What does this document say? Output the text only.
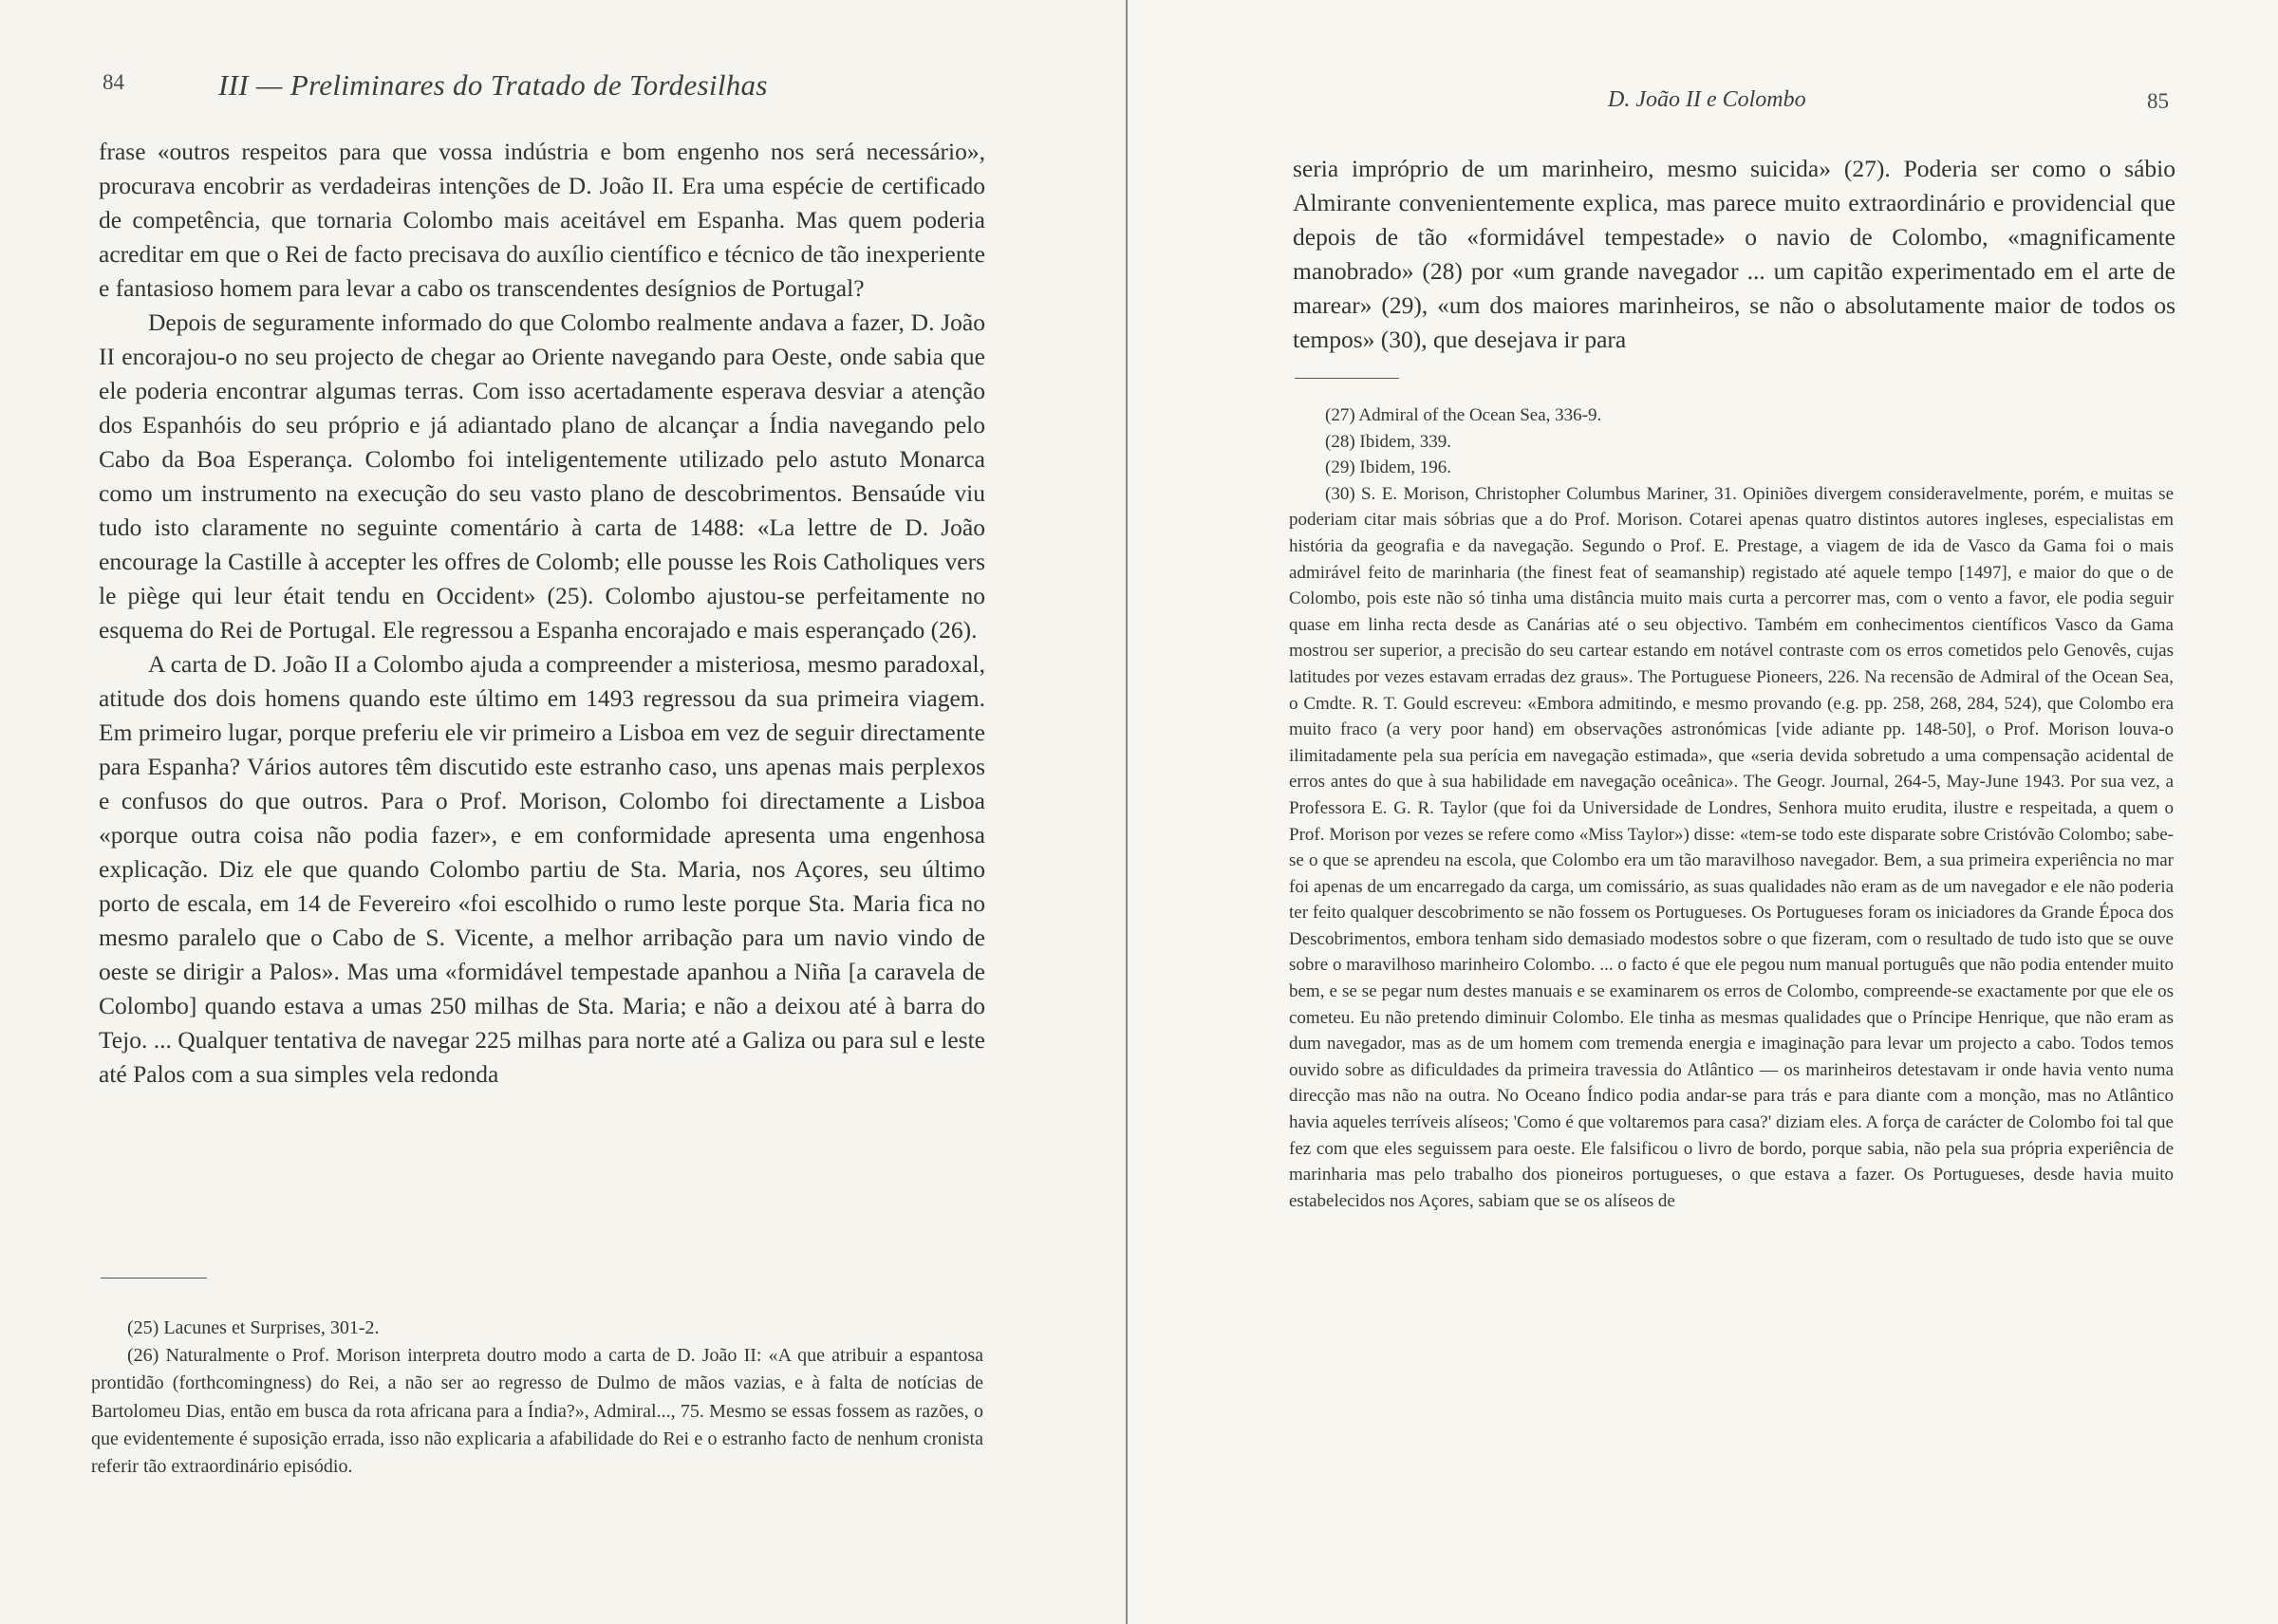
84	III — Preliminares do Tratado de Tordesilhas

frase «outros respeitos para que vossa indústria e bom engenho nos será necessário», procurava encobrir as verdadeiras intenções de D. João II. Era uma espécie de certificado de competência, que tornaria Colombo mais aceitável em Espanha. Mas quem poderia acreditar em que o Rei de facto precisava do auxílio científico e técnico de tão inexperiente e fantasioso homem para levar a cabo os transcendentes desígnios de Portugal?

Depois de seguramente informado do que Colombo realmente andava a fazer, D. João II encorajou-o no seu projecto de chegar ao Oriente navegando para Oeste, onde sabia que ele poderia encontrar algumas terras. Com isso acertadamente esperava desviar a atenção dos Espanhóis do seu próprio e já adiantado plano de alcançar a Índia navegando pelo Cabo da Boa Esperança. Colombo foi inteligentemente utilizado pelo astuto Monarca como um instrumento na execução do seu vasto plano de descobrimentos. Bensaúde viu tudo isto claramente no seguinte comentário à carta de 1488: «La lettre de D. João encourage la Castille à accepter les offres de Colomb; elle pousse les Rois Catholiques vers le piège qui leur était tendu en Occident» (25). Colombo ajustou-se perfeitamente no esquema do Rei de Portugal. Ele regressou a Espanha encorajado e mais esperançado (26).

A carta de D. João II a Colombo ajuda a compreender a misteriosa, mesmo paradoxal, atitude dos dois homens quando este último em 1493 regressou da sua primeira viagem. Em primeiro lugar, porque preferiu ele vir primeiro a Lisboa em vez de seguir directamente para Espanha? Vários autores têm discutido este estranho caso, uns apenas mais perplexos e confusos do que outros. Para o Prof. Morison, Colombo foi directamente a Lisboa «porque outra coisa não podia fazer», e em conformidade apresenta uma engenhosa explicação. Diz ele que quando Colombo partiu de Sta. Maria, nos Açores, seu último porto de escala, em 14 de Fevereiro «foi escolhido o rumo leste porque Sta. Maria fica no mesmo paralelo que o Cabo de S. Vicente, a melhor arribação para um navio vindo de oeste se dirigir a Palos». Mas uma «formidável tempestade apanhou a Niña [a caravela de Colombo] quando estava a umas 250 milhas de Sta. Maria; e não a deixou até à barra do Tejo. ... Qualquer tentativa de navegar 225 milhas para norte até a Galiza ou para sul e leste até Palos com a sua simples vela redonda

(25) Lacunes et Surprises, 301-2.

(26) Naturalmente o Prof. Morison interpreta doutro modo a carta de D. João II: «A que atribuir a espantosa prontidão (forthcomingness) do Rei, a não ser ao regresso de Dulmo de mãos vazias, e à falta de notícias de Bartolomeu Dias, então em busca da rota africana para a Índia?», Admiral..., 75. Mesmo se essas fossem as razões, o que evidentemente é suposição errada, isso não explicaria a afabilidade do Rei e o estranho facto de nenhum cronista referir tão extraordinário episódio.

D. João II e Colombo	85

seria impróprio de um marinheiro, mesmo suicida» (27). Poderia ser como o sábio Almirante convenientemente explica, mas parece muito extraordinário e providencial que depois de tão «formidável tempestade» o navio de Colombo, «magnificamente manobrado» (28) por «um grande navegador ... um capitão experimentado em el arte de marear» (29), «um dos maiores marinheiros, se não o absolutamente maior de todos os tempos» (30), que desejava ir para

(27) Admiral of the Ocean Sea, 336-9.

(28) Ibidem, 339.

(29) Ibidem, 196.

(30) S. E. Morison, Christopher Columbus Mariner, 31. Opiniões divergem consideravelmente, porém, e muitas se poderiam citar mais sóbrias que a do Prof. Morison. Cotarei apenas quatro distintos autores ingleses, especialistas em história da geografia e da navegação. Segundo o Prof. E. Prestage, a viagem de ida de Vasco da Gama foi o mais admirável feito de marinharia (the finest feat of seamanship) registado até aquele tempo [1497], e maior do que o de Colombo, pois este não só tinha uma distância muito mais curta a percorrer mas, com o vento a favor, ele podia seguir quase em linha recta desde as Canárias até o seu objectivo. Também em conhecimentos científicos Vasco da Gama mostrou ser superior, a precisão do seu cartear estando em notável contraste com os erros cometidos pelo Genovês, cujas latitudes por vezes estavam erradas dez graus». The Portuguese Pioneers, 226. Na recensão de Admiral of the Ocean Sea, o Cmdte. R. T. Gould escreveu: «Embora admitindo, e mesmo provando (e.g. pp. 258, 268, 284, 524), que Colombo era muito fraco (a very poor hand) em observações astronómicas [vide adiante pp. 148-50], o Prof. Morison louva-o ilimitadamente pela sua perícia em navegação estimada», que «seria devida sobretudo a uma compensação acidental de erros antes do que à sua habilidade em navegação oceânica». The Geogr. Journal, 264-5, May-June 1943. Por sua vez, a Professora E. G. R. Taylor (que foi da Universidade de Londres, Senhora muito erudita, ilustre e respeitada, a quem o Prof. Morison por vezes se refere como «Miss Taylor») disse: «tem-se todo este disparate sobre Cristóvão Colombo; sabe-se o que se aprendeu na escola, que Colombo era um tão maravilhoso navegador. Bem, a sua primeira experiência no mar foi apenas de um encarregado da carga, um comissário, as suas qualidades não eram as de um navegador e ele não poderia ter feito qualquer descobrimento se não fossem os Portugueses. Os Portugueses foram os iniciadores da Grande Época dos Descobrimentos, embora tenham sido demasiado modestos sobre o que fizeram, com o resultado de tudo isto que se ouve sobre o maravilhoso marinheiro Colombo. ... o facto é que ele pegou num manual português que não podia entender muito bem, e se se pegar num destes manuais e se examinarem os erros de Colombo, compreende-se exactamente por que ele os cometeu. Eu não pretendo diminuir Colombo. Ele tinha as mesmas qualidades que o Príncipe Henrique, que não eram as dum navegador, mas as de um homem com tremenda energia e imaginação para levar um projecto a cabo. Todos temos ouvido sobre as dificuldades da primeira travessia do Atlântico — os marinheiros detestavam ir onde havia vento numa direcção mas não na outra. No Oceano Índico podia andar-se para trás e para diante com a monção, mas no Atlântico havia aqueles terríveis alíseos; 'Como é que voltaremos para casa?' diziam eles. A força de carácter de Colombo foi tal que fez com que eles seguissem para oeste. Ele falsificou o livro de bordo, porque sabia, não pela sua própria experiência de marinharia mas pelo trabalho dos pioneiros portugueses, o que estava a fazer. Os Portugueses, desde havia muito estabelecidos nos Açores, sabiam que se os alíseos de
